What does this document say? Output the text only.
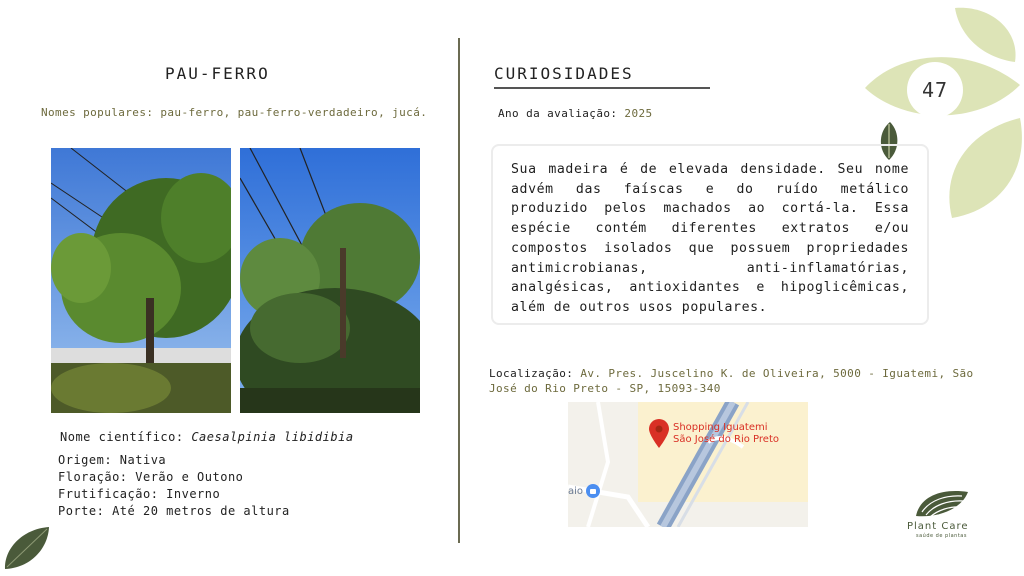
47
PAU-FERRO
Nomes populares: pau-ferro, pau-ferro-verdadeiro, jucá.
Nome científico: Caesalpinia libidibia
Origem: Nativa
Floração: Verão e Outono
Frutificação: Inverno
Porte: Até 20 metros de altura
CURIOSIDADES
Ano da avaliação: 2025
Sua madeira é de elevada densidade. Seu nome advém das faíscas e do ruído metálico produzido pelos machados ao cortá-la. Essa espécie contém diferentes extratos e/ou compostos isolados que possuem propriedades antimicrobianas, anti-inflamatórias, analgésicas, antioxidantes e hipoglicêmicas, além de outros usos populares.
Localização: Av. Pres. Juscelino K. de Oliveira, 5000 - Iguatemi, São José do Rio Preto - SP, 15093-340
Shopping Iguatemi
São José do Rio Preto
aio
Plant Care
saúde de plantas
